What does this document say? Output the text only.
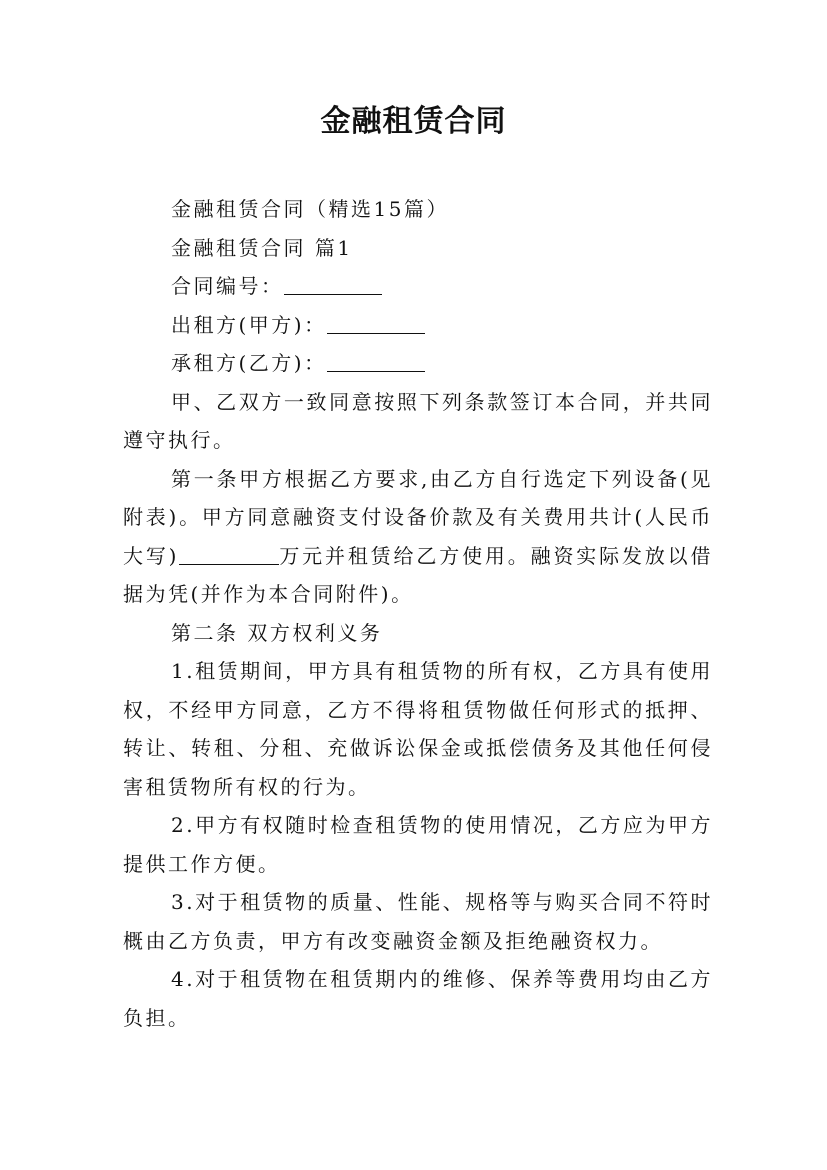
金融租赁合同

金融租赁合同（精选15篇）

金融租赁合同 篇1

合同编号：

出租方(甲方)：

承租方(乙方)：

甲、乙双方一致同意按照下列条款签订本合同，并共同遵守执行。

第一条甲方根据乙方要求,由乙方自行选定下列设备(见附表)。甲方同意融资支付设备价款及有关费用共计(人民币大写)	万元并租赁给乙方使用。融资实际发放以借据为凭(并作为本合同附件)。

第二条 双方权利义务

1.租赁期间，甲方具有租赁物的所有权，乙方具有使用权，不经甲方同意，乙方不得将租赁物做任何形式的抵押、转让、转租、分租、充做诉讼保金或抵偿债务及其他任何侵害租赁物所有权的行为。

2.甲方有权随时检查租赁物的使用情况，乙方应为甲方提供工作方便。

3.对于租赁物的质量、性能、规格等与购买合同不符时概由乙方负责，甲方有改变融资金额及拒绝融资权力。

4.对于租赁物在租赁期内的维修、保养等费用均由乙方负担。
